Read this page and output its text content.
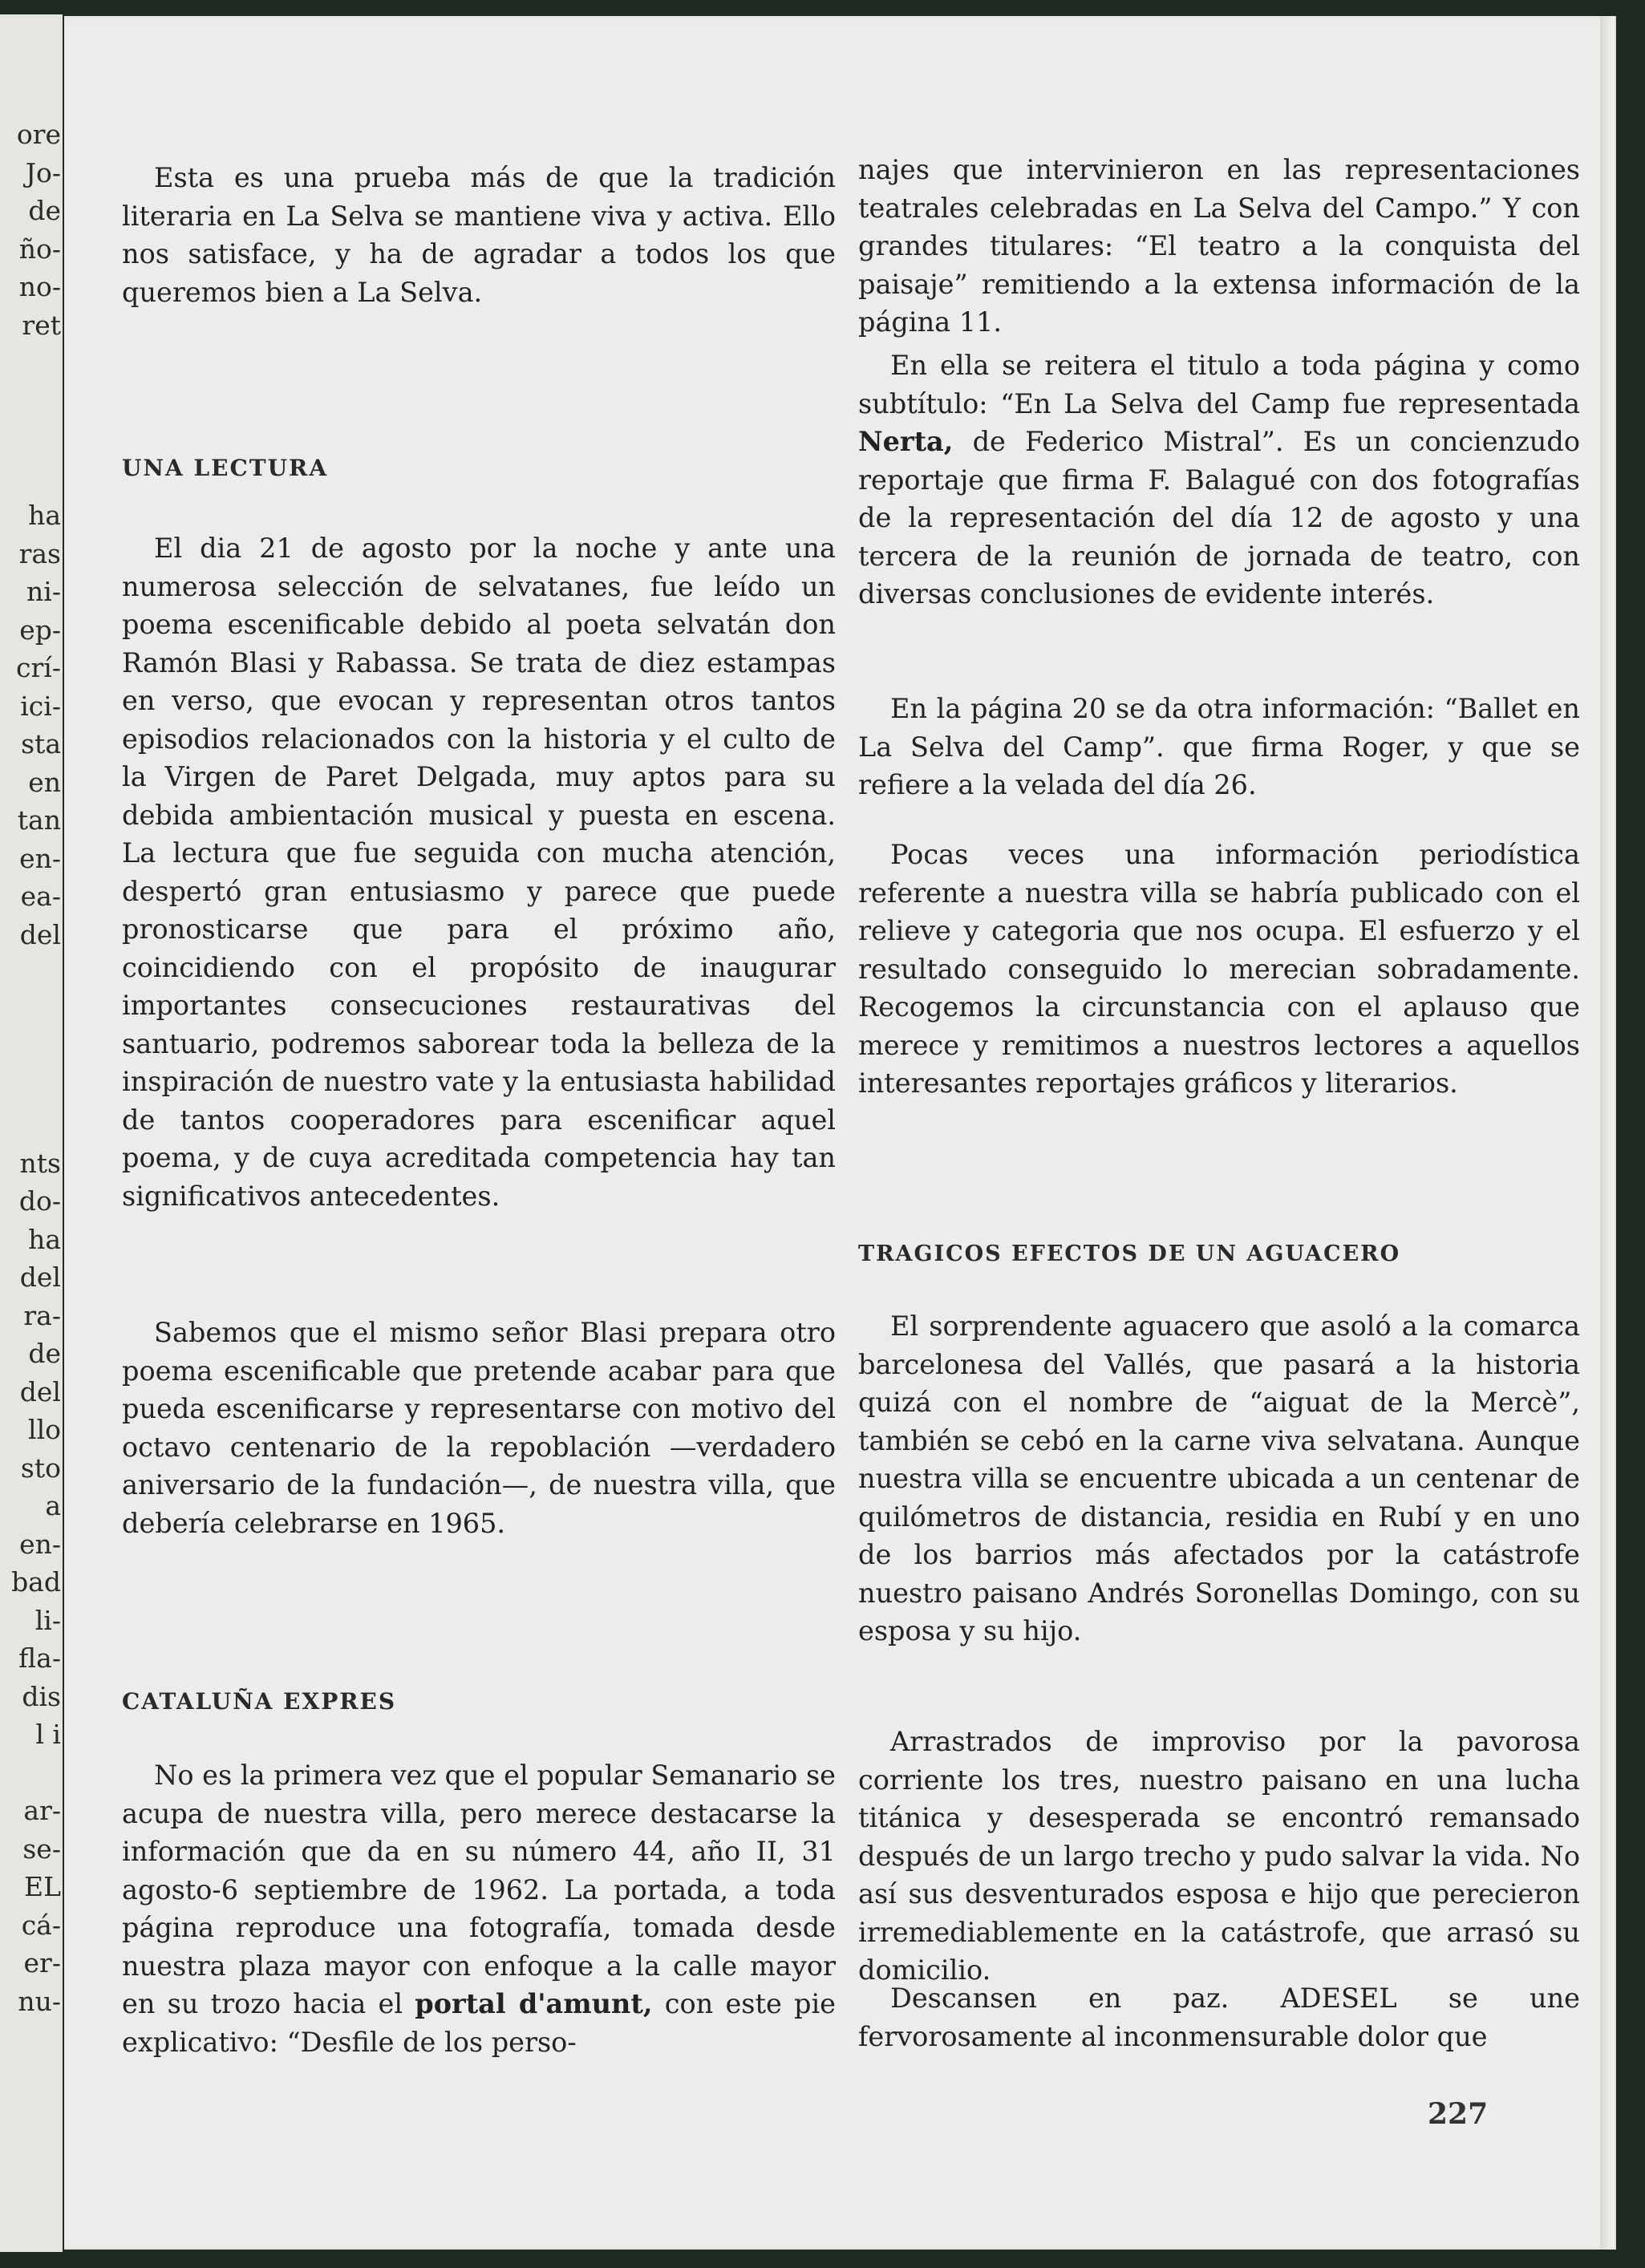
ore
Jo-
de
ño-
no-
ret
ha
ras
ni-
ep-
crí-
ici-
sta
en
tan
en-
ea-
del
nts
do-
ha
del
ra-
de
del
llo
sto
a
en-
bad
li-
fla-
dis
l i
ar-
se-
EL
cá-
er-
nu-

Esta es una prueba más de que la tradición literaria en La Selva se mantiene viva y activa. Ello nos satisface, y ha de agradar a todos los que queremos bien a La Selva.

UNA LECTURA

El dia 21 de agosto por la noche y ante una numerosa selección de selvatanes, fue leído un poema escenificable debido al poeta selvatán don Ramón Blasi y Rabassa. Se trata de diez estampas en verso, que evocan y representan otros tantos episodios relacionados con la historia y el culto de la Virgen de Paret Delgada, muy aptos para su debida ambientación musical y puesta en escena. La lectura que fue seguida con mucha atención, despertó gran entusiasmo y parece que puede pronosticarse que para el próximo año, coincidiendo con el propósito de inaugurar importantes consecuciones restaurativas del santuario, podremos saborear toda la belleza de la inspiración de nuestro vate y la entusiasta habilidad de tantos cooperadores para escenificar aquel poema, y de cuya acreditada competencia hay tan significativos antecedentes.

Sabemos que el mismo señor Blasi prepara otro poema escenificable que pretende acabar para que pueda escenificarse y representarse con motivo del octavo centenario de la repoblación —verdadero aniversario de la fundación—, de nuestra villa, que debería celebrarse en 1965.

CATALUÑA EXPRES

No es la primera vez que el popular Semanario se acupa de nuestra villa, pero merece destacarse la información que da en su número 44, año II, 31 agosto-6 septiembre de 1962. La portada, a toda página reproduce una fotografía, tomada desde nuestra plaza mayor con enfoque a la calle mayor en su trozo hacia el portal d'amunt, con este pie explicativo: “Desfile de los perso-

najes que intervinieron en las representaciones teatrales celebradas en La Selva del Campo.” Y con grandes titulares: “El teatro a la conquista del paisaje” remitiendo a la extensa información de la página 11.

En ella se reitera el titulo a toda página y como subtítulo: “En La Selva del Camp fue representada Nerta, de Federico Mistral”. Es un concienzudo reportaje que firma F. Balagué con dos fotografías de la representación del día 12 de agosto y una tercera de la reunión de jornada de teatro, con diversas conclusiones de evidente interés.

En la página 20 se da otra información: “Ballet en La Selva del Camp”. que firma Roger, y que se refiere a la velada del día 26.

Pocas veces una información periodística referente a nuestra villa se habría publicado con el relieve y categoria que nos ocupa. El esfuerzo y el resultado conseguido lo merecian sobradamente. Recogemos la circunstancia con el aplauso que merece y remitimos a nuestros lectores a aquellos interesantes reportajes gráficos y literarios.

TRAGICOS EFECTOS DE UN AGUACERO

El sorprendente aguacero que asoló a la comarca barcelonesa del Vallés, que pasará a la historia quizá con el nombre de “aiguat de la Mercè”, también se cebó en la carne viva selvatana. Aunque nuestra villa se encuentre ubicada a un centenar de quilómetros de distancia, residia en Rubí y en uno de los barrios más afectados por la catástrofe nuestro paisano Andrés Soronellas Domingo, con su esposa y su hijo.

Arrastrados de improviso por la pavorosa corriente los tres, nuestro paisano en una lucha titánica y desesperada se encontró remansado después de un largo trecho y pudo salvar la vida. No así sus desventurados esposa e hijo que perecieron irremediablemente en la catástrofe, que arrasó su domicilio.

Descansen en paz. ADESEL se une fervorosamente al inconmensurable dolor que

227
